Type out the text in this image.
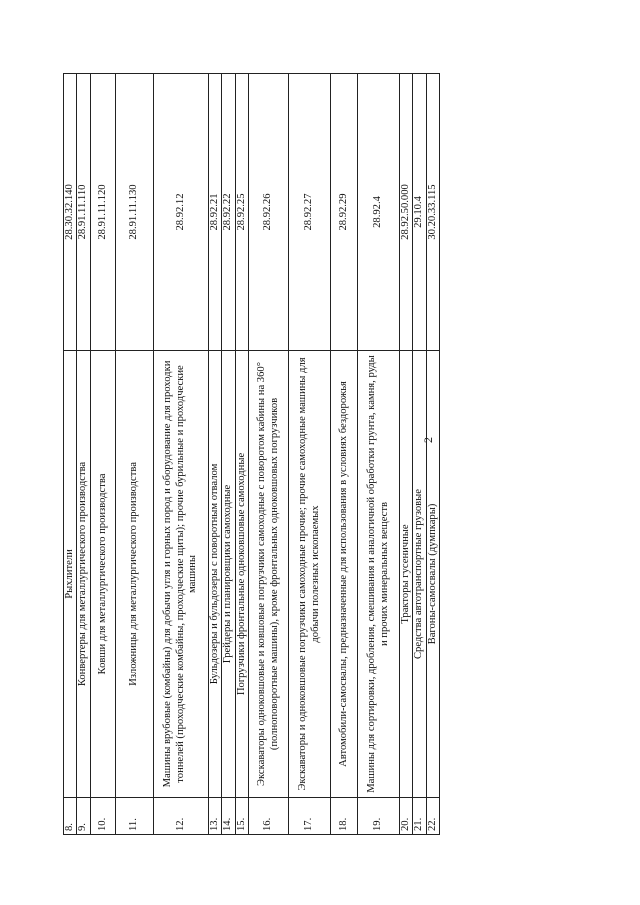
2
8.	Рыхлители	28.30.32.140
9.	Конвертеры для металлургического производства	28.91.11.110
10.	Ковши для металлургического производства	28.91.11.120
11.	Изложницы для металлургического производства	28.91.11.130
12.	Машины врубовые (комбайны) для добычи угля и горных пород и оборудование для проходки тоннелей (проходческие комбайны, проходческие щиты); прочие бурильные и проходческие машины	28.92.12
13.	Бульдозеры и бульдозеры с поворотным отвалом	28.92.21
14.	Грейдеры и планировщики самоходные	28.92.22
15.	Погрузчики фронтальные одноковшовые самоходные	28.92.25
16.	Экскаваторы одноковшовые и ковшовые погрузчики самоходные с поворотом кабины на 360° (полноповоротные машины), кроме фронтальных одноковшовых погрузчиков	28.92.26
17.	Экскаваторы и одноковшовые погрузчики самоходные прочие; прочие самоходные машины для добычи полезных ископаемых	28.92.27
18.	Автомобили-самосвалы, предназначенные для использования в условиях бездорожья	28.92.29
19.	Машины для сортировки, дробления, смешивания и аналогичной обработки грунта, камня, руды и прочих минеральных веществ	28.92.4
20.	Тракторы гусеничные	28.92.50.000
21.	Средства автотранспортные грузовые	29.10.4
22.	Вагоны-самосвалы (думпкары)	30.20.33.115
